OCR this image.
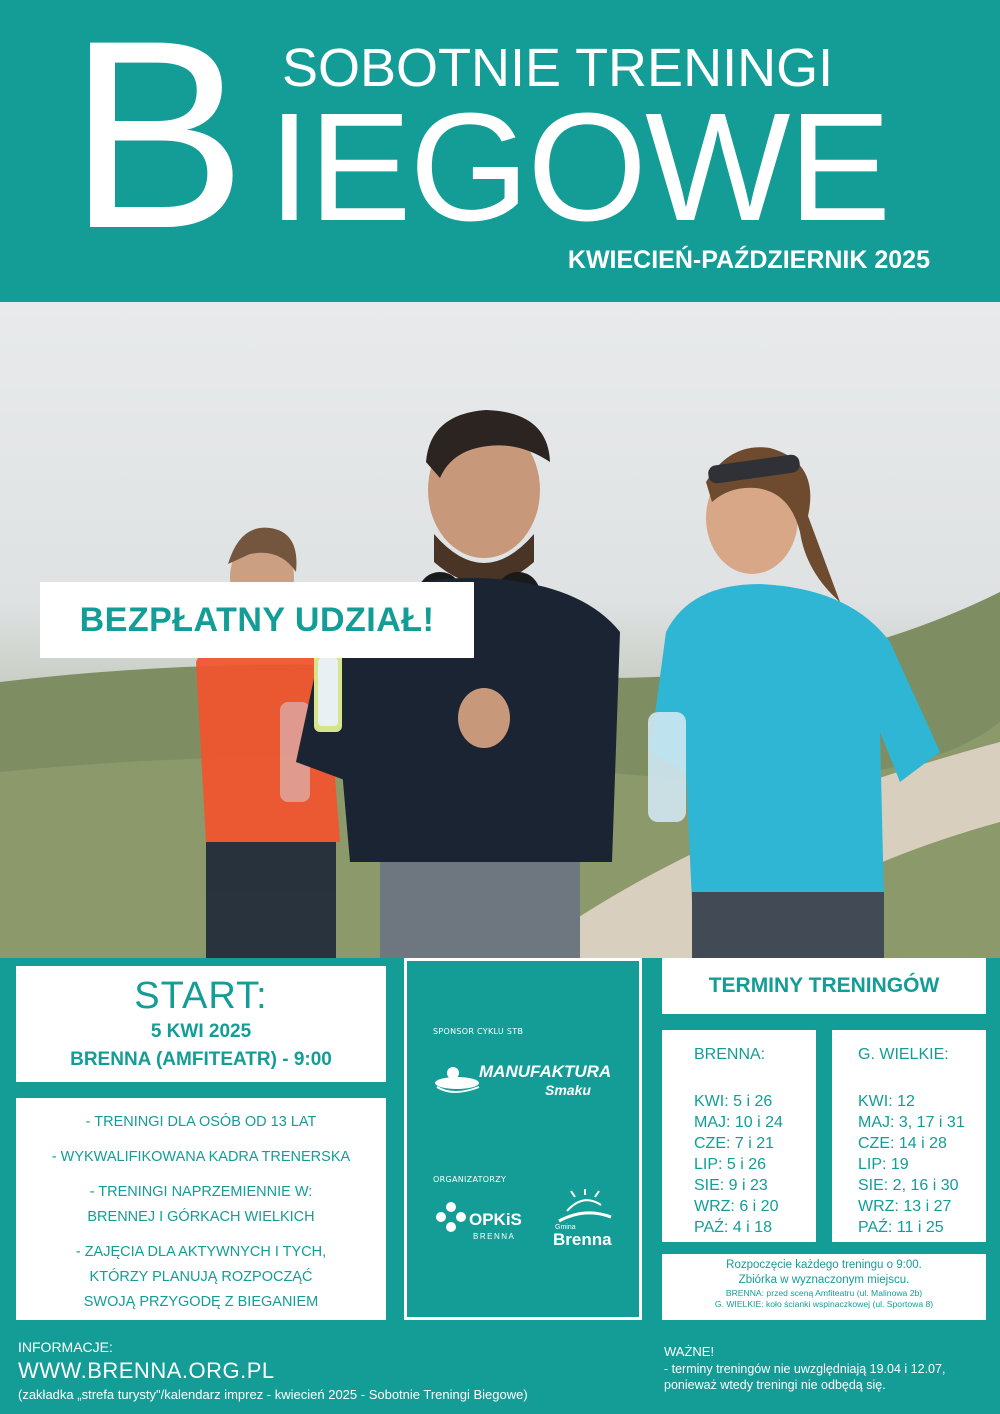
B SOBOTNIE TRENINGI
IEGOWE
KWIECIEŃ-PAŹDZIERNIK 2025
BEZPŁATNY UDZIAŁ!
START:
5 KWI 2025
BRENNA (AMFITEATR) - 9:00
- TRENINGI DLA OSÓB OD 13 LAT
- WYKWALIFIKOWANA KADRA TRENERSKA
- TRENINGI NAPRZEMIENNIE W:
BRENNEJ I GÓRKACH WIELKICH
- ZAJĘCIA DLA AKTYWNYCH I TYCH,
KTÓRZY PLANUJĄ ROZPOCZĄĆ
SWOJĄ PRZYGODĘ Z BIEGANIEM
SPONSOR CYKLU STB
MANUFAKTURA
Smaku
ORGANIZATORZY
OPKiS
BRENNA
Gmina
Brenna
TERMINY TRENINGÓW
BRENNA:
KWI: 5 i 26
MAJ: 10 i 24
CZE: 7 i 21
LIP: 5 i 26
SIE: 9 i 23
WRZ: 6 i 20
PAŹ: 4 i 18
G. WIELKIE:
KWI: 12
MAJ: 3, 17 i 31
CZE: 14 i 28
LIP: 19
SIE: 2, 16 i 30
WRZ: 13 i 27
PAŹ: 11 i 25
Rozpoczęcie każdego treningu o 9:00.
Zbiórka w wyznaczonym miejscu.
BRENNA: przed sceną Amfiteatru (ul. Malinowa 2b)
G. WIELKIE: koło ścianki wspinaczkowej (ul. Sportowa 8)
INFORMACJE:
WWW.BRENNA.ORG.PL
(zakładka „strefa turysty"/kalendarz imprez - kwiecień 2025 - Sobotnie Treningi Biegowe)
WAŻNE!
- terminy treningów nie uwzględniają 19.04 i 12.07,
ponieważ wtedy treningi nie odbędą się.
